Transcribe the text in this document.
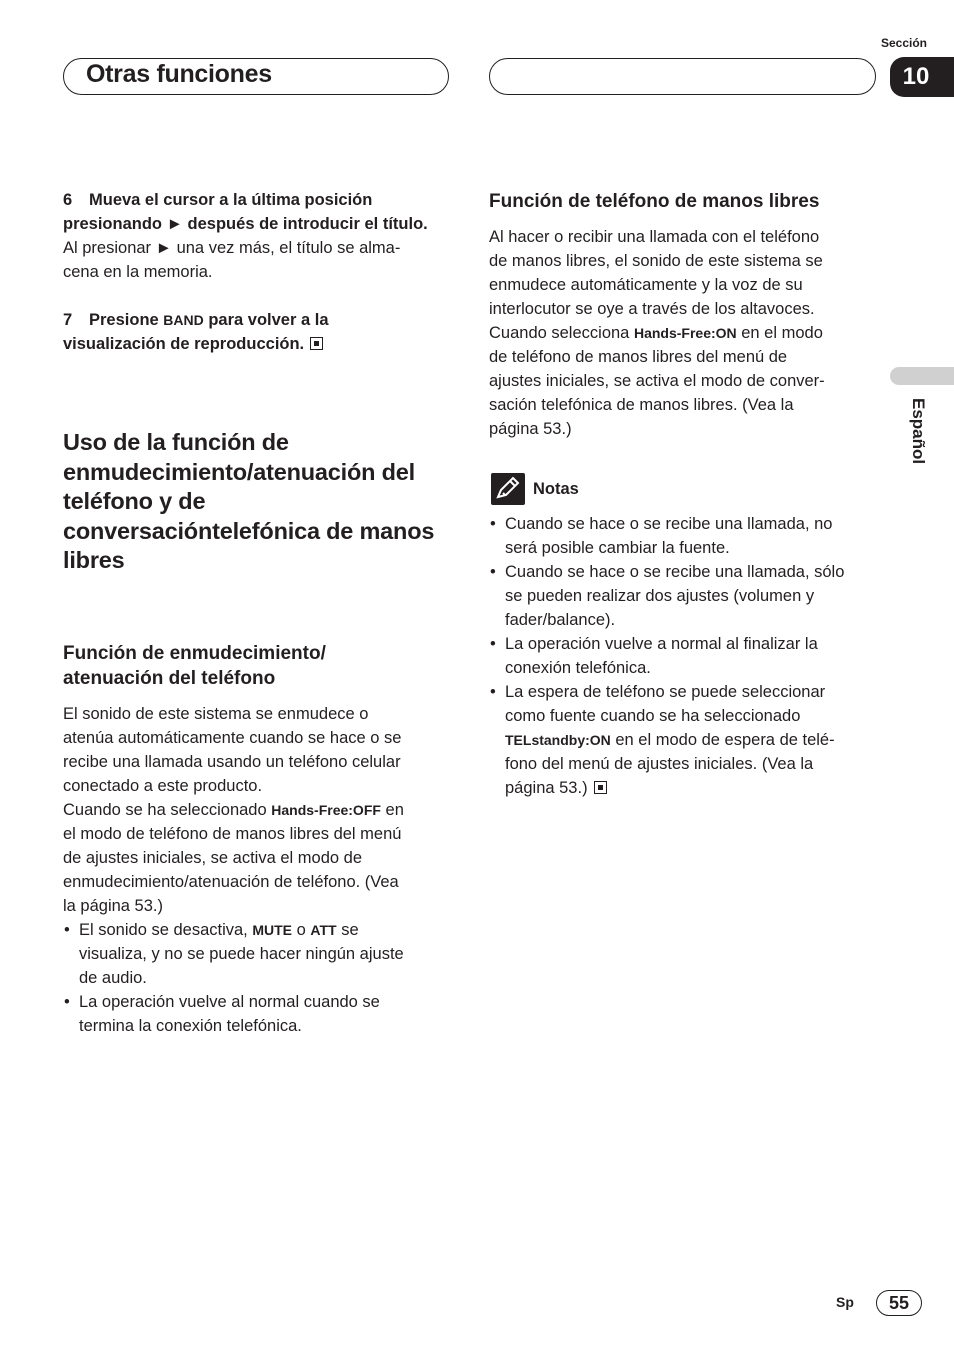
Otras funciones
Sección
10
Español
6 Mueva el cursor a la última posición
presionando ► después de introducir el título.
Al presionar ► una vez más, el título se alma-
cena en la memoria.
7 Presione BAND para volver a la
visualización de reproducción.
Uso de la función de
enmudecimiento/atenuación del
teléfono y de
conversacióntelefónica de manos
libres
Función de enmudecimiento/
atenuación del teléfono
El sonido de este sistema se enmudece o
atenúa automáticamente cuando se hace o se
recibe una llamada usando un teléfono celular
conectado a este producto.
Cuando se ha seleccionado Hands-Free:OFF en
el modo de teléfono de manos libres del menú
de ajustes iniciales, se activa el modo de
enmudecimiento/atenuación de teléfono. (Vea
la página 53.)
• El sonido se desactiva, MUTE o ATT se
visualiza, y no se puede hacer ningún ajuste
de audio.
• La operación vuelve al normal cuando se
termina la conexión telefónica.
Función de teléfono de manos libres
Al hacer o recibir una llamada con el teléfono
de manos libres, el sonido de este sistema se
enmudece automáticamente y la voz de su
interlocutor se oye a través de los altavoces.
Cuando selecciona Hands-Free:ON en el modo
de teléfono de manos libres del menú de
ajustes iniciales, se activa el modo de conver-
sación telefónica de manos libres. (Vea la
página 53.)
Notas
• Cuando se hace o se recibe una llamada, no
será posible cambiar la fuente.
• Cuando se hace o se recibe una llamada, sólo
se pueden realizar dos ajustes (volumen y
fader/balance).
• La operación vuelve a normal al finalizar la
conexión telefónica.
• La espera de teléfono se puede seleccionar
como fuente cuando se ha seleccionado
TELstandby:ON en el modo de espera de telé-
fono del menú de ajustes iniciales. (Vea la
página 53.)
Sp 55
